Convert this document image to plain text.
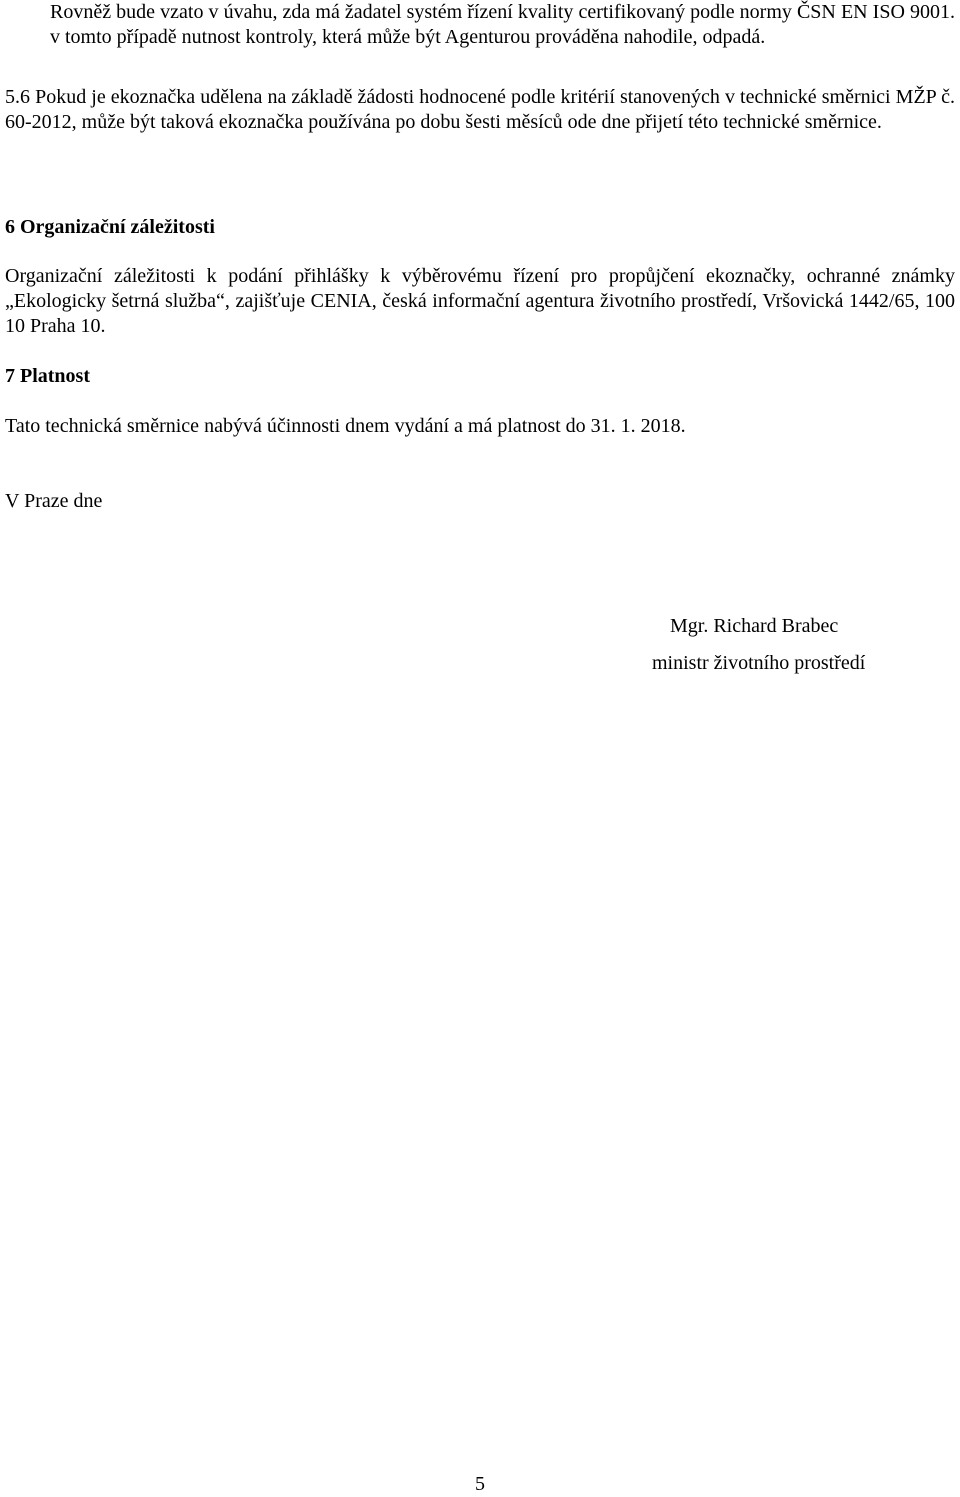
Rovněž bude vzato v úvahu, zda má žadatel systém řízení kvality certifikovaný podle normy ČSN EN ISO 9001. v tomto případě nutnost kontroly, která může být Agenturou prováděna nahodile, odpadá.

5.6 Pokud je ekoznačka udělena na základě žádosti hodnocené podle kritérií stanovených v technické směrnici MŽP č. 60-2012, může být taková ekoznačka používána po dobu šesti měsíců ode dne přijetí této technické směrnice.

6 Organizační záležitosti

Organizační záležitosti k podání přihlášky k výběrovému řízení pro propůjčení ekoznačky, ochranné známky „Ekologicky šetrná služba“, zajišťuje CENIA, česká informační agentura životního prostředí, Vršovická 1442/65, 100 10 Praha 10.

7 Platnost

Tato technická směrnice nabývá účinnosti dnem vydání a má platnost do 31. 1. 2018.

V Praze dne

Mgr. Richard Brabec

ministr životního prostředí

5
